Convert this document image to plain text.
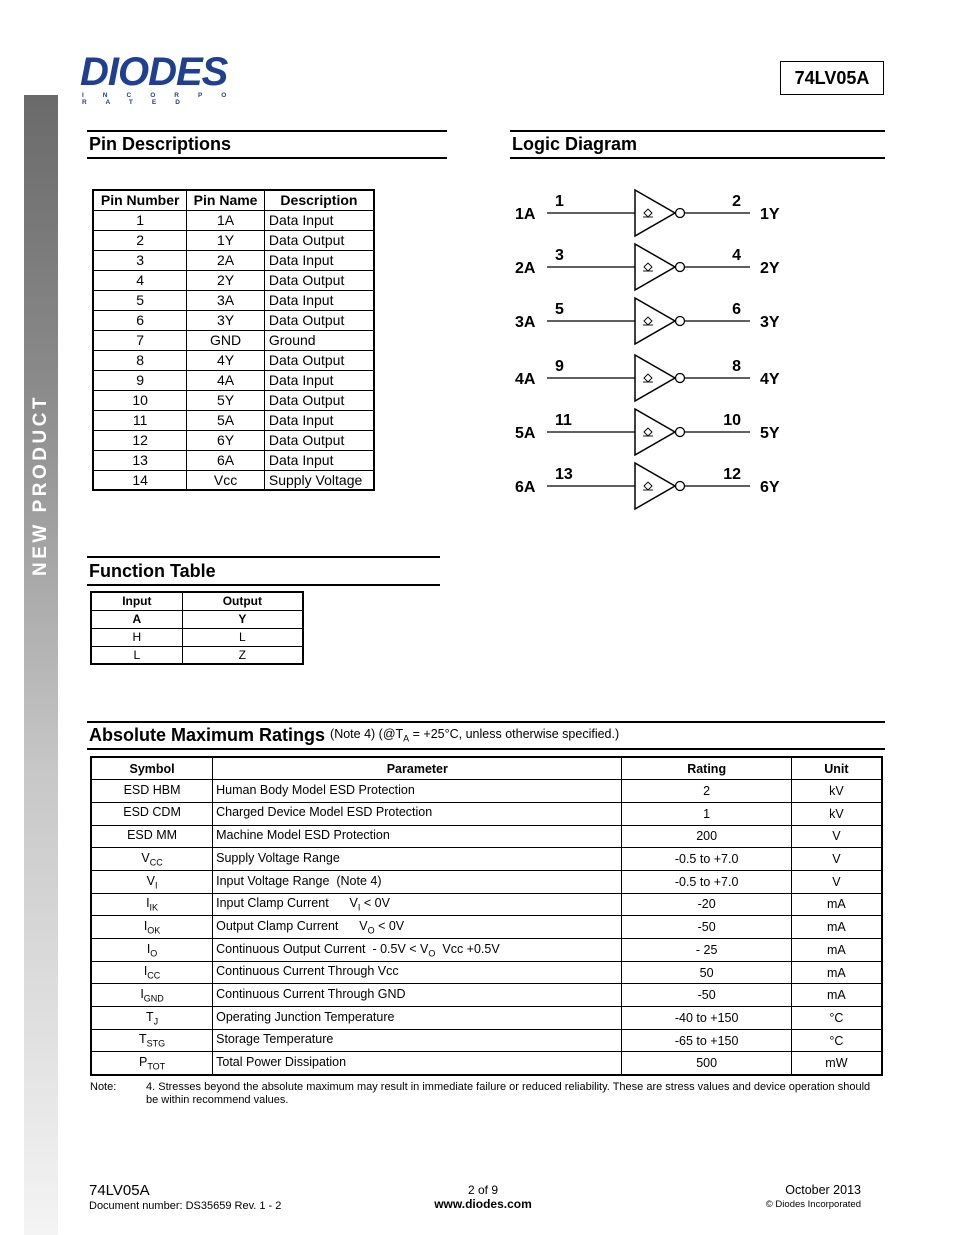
NEW PRODUCT
DIODES
I N C O R P O R A T E D
74LV05A
Pin Descriptions
Pin Number	Pin Name	Description
1	1A	Data Input
2	1Y	Data Output
3	2A	Data Input
4	2Y	Data Output
5	3A	Data Input
6	3Y	Data Output
7	GND	Ground
8	4Y	Data Output
9	4A	Data Input
10	5Y	Data Output
11	5A	Data Input
12	6Y	Data Output
13	6A	Data Input
14	Vcc	Supply Voltage
Logic Diagram
1A
1	2
1Y
2A
3	4
2Y
3A
5	6
3Y
4A
9	8
4Y
5A
11	10
5Y
6A
13	12
6Y
Function Table
Input	Output
A	Y
H	L
L	Z
Absolute Maximum Ratings (Note 4) ($@T_A = +25^\circ C$, unless otherwise specified.)
Symbol	Parameter	Rating	Unit
ESD HBM	Human Body Model ESD Protection	2	kV
ESD CDM	Charged Device Model ESD Protection	1	kV
ESD MM	Machine Model ESD Protection	200	V
$V_{CC}$	Supply Voltage Range	-0.5 to +7.0	V
$V_I$	Input Voltage Range  (Note 4)	-0.5 to +7.0	V
$I_{IK}$	Input Clamp Current      $V_I < 0V$	-20	mA
$I_{OK}$	Output Clamp Current      $V_O < 0V$	-50	mA
$I_O$	Continuous Output Current  - $0.5V < V_O$  Vcc +0.5V	- 25	mA
$I_{CC}$	Continuous Current Through Vcc	50	mA
$I_{GND}$	Continuous Current Through GND	-50	mA
$T_J$	Operating Junction Temperature	-40 to +150	°C
$T_{STG}$	Storage Temperature	-65 to +150	°C
$P_{TOT}$	Total Power Dissipation	500	mW
Note:	4. Stresses beyond the absolute maximum may result in immediate failure or reduced reliability. These are stress values and device operation should be within recommend values.
74LV05A
Document number: DS35659 Rev. 1 - 2
2 of 9
www.diodes.com
October 2013
© Diodes Incorporated
